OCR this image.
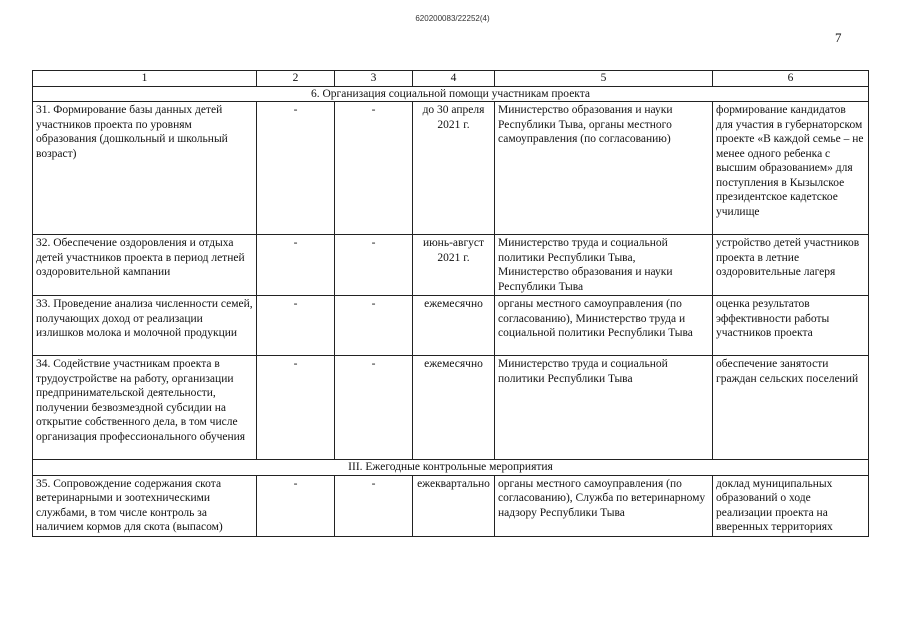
620200083/22252(4)
7
1	2	3	4	5	6
6. Организация социальной помощи участникам проекта					
31. Формирование базы данных детей участников проекта по уровням образования (дошкольный и школьный возраст)	-	-	до 30 апреля 2021 г.	Министерство образования и науки Республики Тыва, органы местного самоуправления (по согласованию)	формирование кандидатов для участия в губернаторском проекте «В каждой семье – не менее одного ребенка с высшим образованием» для поступления в Кызылское президентское кадетское училище
32. Обеспечение оздоровления и отдыха детей участников проекта в период летней оздоровительной кампании	-	-	июнь-август 2021 г.	Министерство труда и социальной политики Республики Тыва, Министерство образования и науки Республики Тыва	устройство детей участников проекта в летние оздоровительные лагеря
33. Проведение анализа численности семей, получающих доход от реализации излишков молока и молочной продукции	-	-	ежемесячно	органы местного самоуправления (по согласованию), Министерство труда и социальной политики Республики Тыва	оценка результатов эффективности работы участников проекта
34. Содействие участникам проекта в трудоустройстве на работу, организации предпринимательской деятельности, получении безвозмездной субсидии на открытие собственного дела, в том числе организация профессионального обучения	-	-	ежемесячно	Министерство труда и социальной политики Республики Тыва	обеспечение занятости граждан сельских поселений
III. Ежегодные контрольные мероприятия					
35. Сопровождение содержания скота ветеринарными и зоотехническими службами, в том числе контроль за наличием кормов для скота (выпасом)	-	-	ежеквартально	органы местного самоуправления (по согласованию), Служба по ветеринарному надзору Республики Тыва	доклад муниципальных образований о ходе реализации проекта на вверенных территориях
